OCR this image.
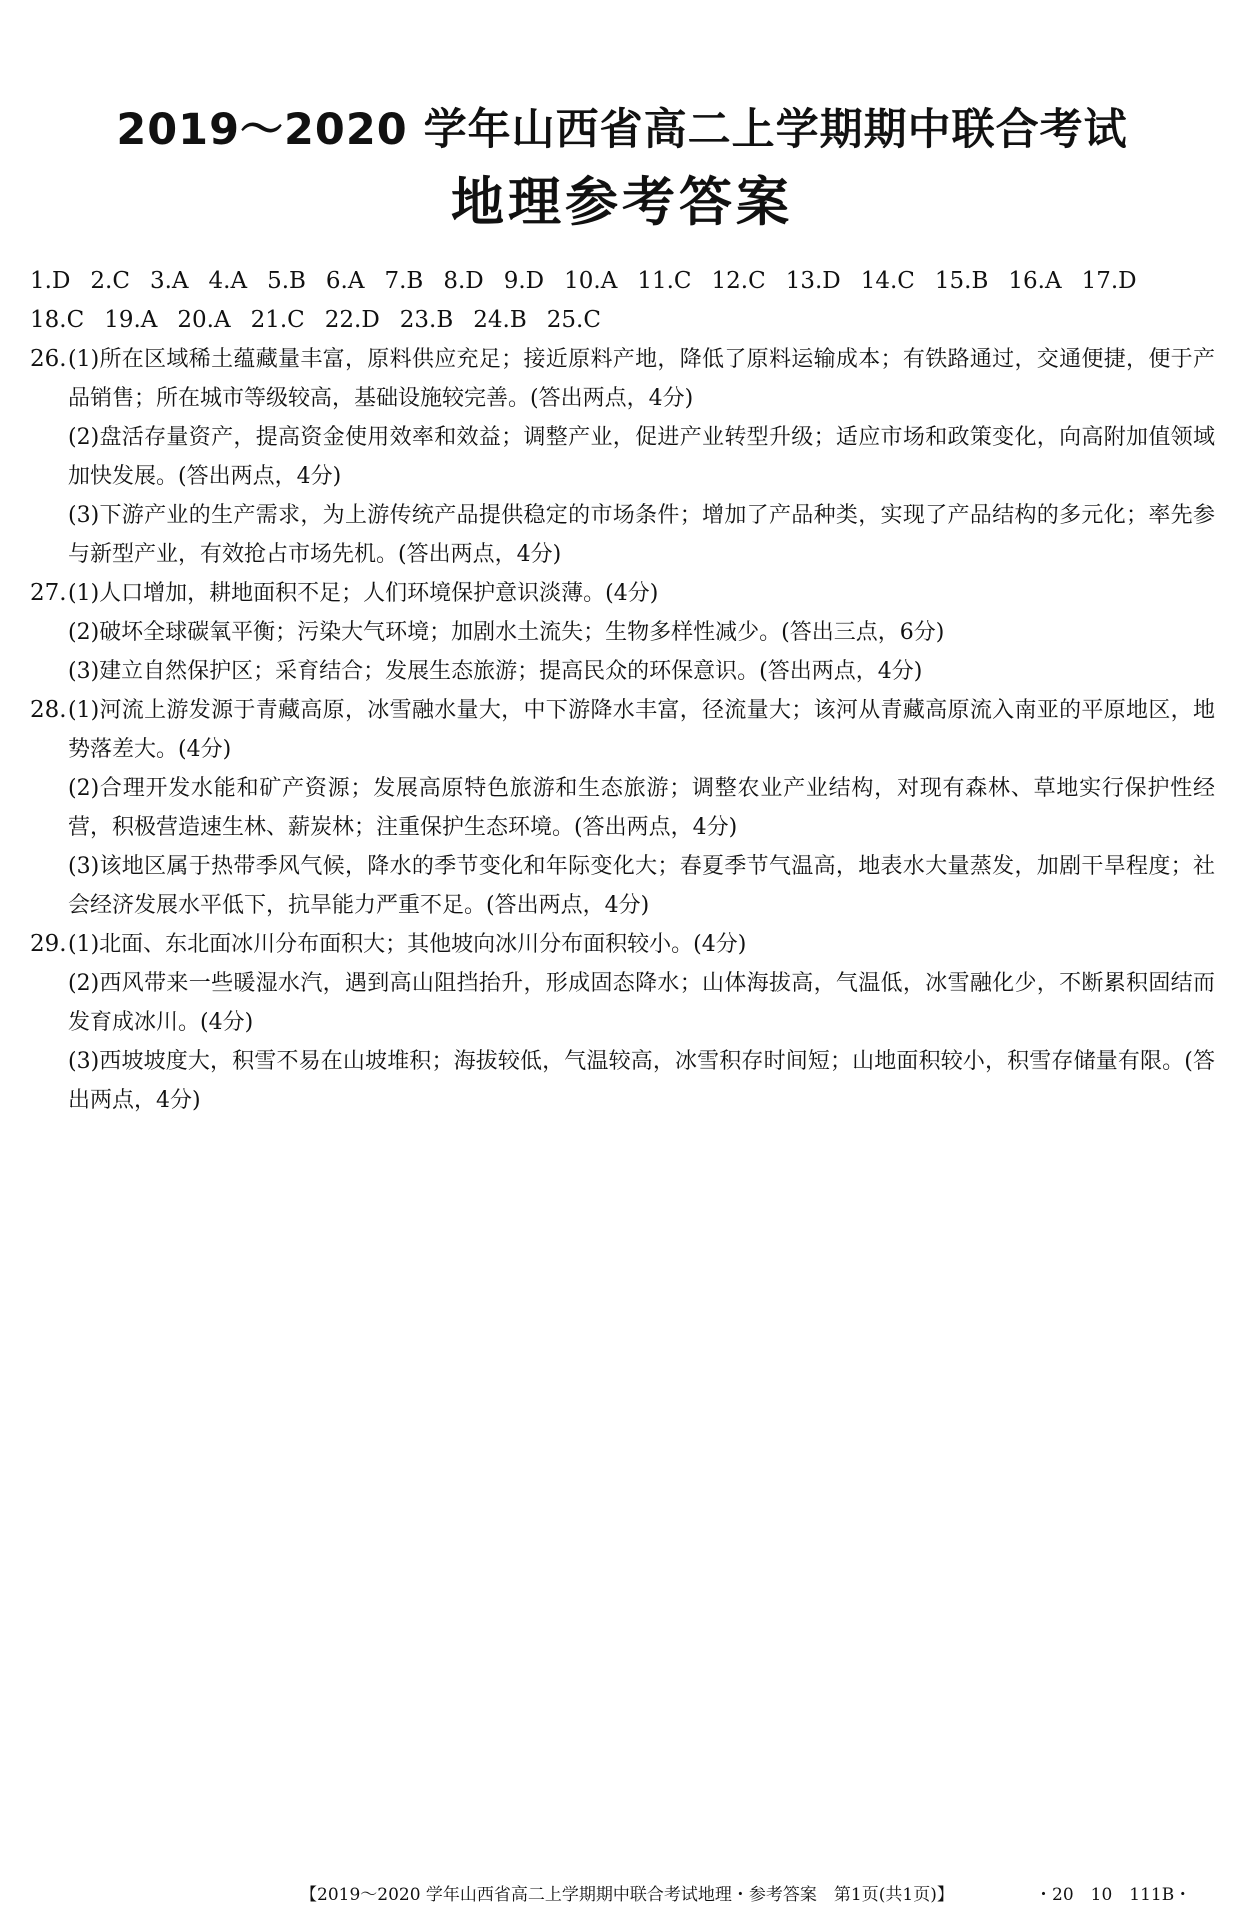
2019～2020 学年山西省高二上学期期中联合考试
地理参考答案
1.D 2.C 3.A 4.A 5.B 6.A 7.B 8.D 9.D 10.A 11.C 12.C 13.D 14.C 15.B 16.A 17.D
18.C 19.A 20.A 21.C 22.D 23.B 24.B 25.C
26. (1)所在区域稀土蕴藏量丰富，原料供应充足；接近原料产地，降低了原料运输成本；有铁路通过，交通便捷，便于产品销售；所在城市等级较高，基础设施较完善。(答出两点，4分)

(2)盘活存量资产，提高资金使用效率和效益；调整产业，促进产业转型升级；适应市场和政策变化，向高附加值领域加快发展。(答出两点，4分)

(3)下游产业的生产需求，为上游传统产品提供稳定的市场条件；增加了产品种类，实现了产品结构的多元化；率先参与新型产业，有效抢占市场先机。(答出两点，4分)

27. (1)人口增加，耕地面积不足；人们环境保护意识淡薄。(4分)

(2)破坏全球碳氧平衡；污染大气环境；加剧水土流失；生物多样性减少。(答出三点，6分)

(3)建立自然保护区；采育结合；发展生态旅游；提高民众的环保意识。(答出两点，4分)

28. (1)河流上游发源于青藏高原，冰雪融水量大，中下游降水丰富，径流量大；该河从青藏高原流入南亚的平原地区，地势落差大。(4分)

(2)合理开发水能和矿产资源；发展高原特色旅游和生态旅游；调整农业产业结构，对现有森林、草地实行保护性经营，积极营造速生林、薪炭林；注重保护生态环境。(答出两点，4分)

(3)该地区属于热带季风气候，降水的季节变化和年际变化大；春夏季节气温高，地表水大量蒸发，加剧干旱程度；社会经济发展水平低下，抗旱能力严重不足。(答出两点，4分)

29. (1)北面、东北面冰川分布面积大；其他坡向冰川分布面积较小。(4分)

(2)西风带来一些暖湿水汽，遇到高山阻挡抬升，形成固态降水；山体海拔高，气温低，冰雪融化少，不断累积固结而发育成冰川。(4分)

(3)西坡坡度大，积雪不易在山坡堆积；海拔较低，气温较高，冰雪积存时间短；山地面积较小，积雪存储量有限。(答出两点，4分)

【2019～2020 学年山西省高二上学期期中联合考试地理・参考答案　第1页(共1页)】	・20　10　111B・
